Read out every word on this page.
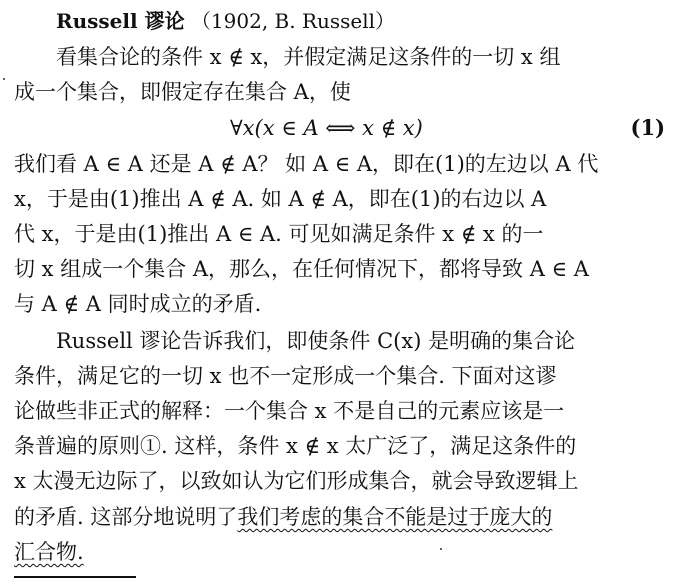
Russell 谬论 （1902, B. Russell）
看集合论的条件 x ∉ x，并假定满足这条件的一切 x 组
成一个集合，即假定存在集合 A，使
∀x(x ∈ A ⟺ x ∉ x)	(1)
我们看 A ∈ A 还是 A ∉ A？ 如 A ∈ A，即在(1)的左边以 A 代
x，于是由(1)推出 A ∉ A. 如 A ∉ A，即在(1)的右边以 A
代 x，于是由(1)推出 A ∈ A. 可见如满足条件 x ∉ x 的一
切 x 组成一个集合 A，那么，在任何情况下，都将导致 A ∈ A
与 A ∉ A 同时成立的矛盾.
Russell 谬论告诉我们，即使条件 C(x) 是明确的集合论
条件，满足它的一切 x 也不一定形成一个集合. 下面对这谬
论做些非正式的解释：一个集合 x 不是自己的元素应该是一
条普遍的原则①. 这样，条件 x ∉ x 太广泛了，满足这条件的
x 太漫无边际了，以致如认为它们形成集合，就会导致逻辑上
的矛盾. 这部分地说明了我们考虑的集合不能是过于庞大的
汇合物.
